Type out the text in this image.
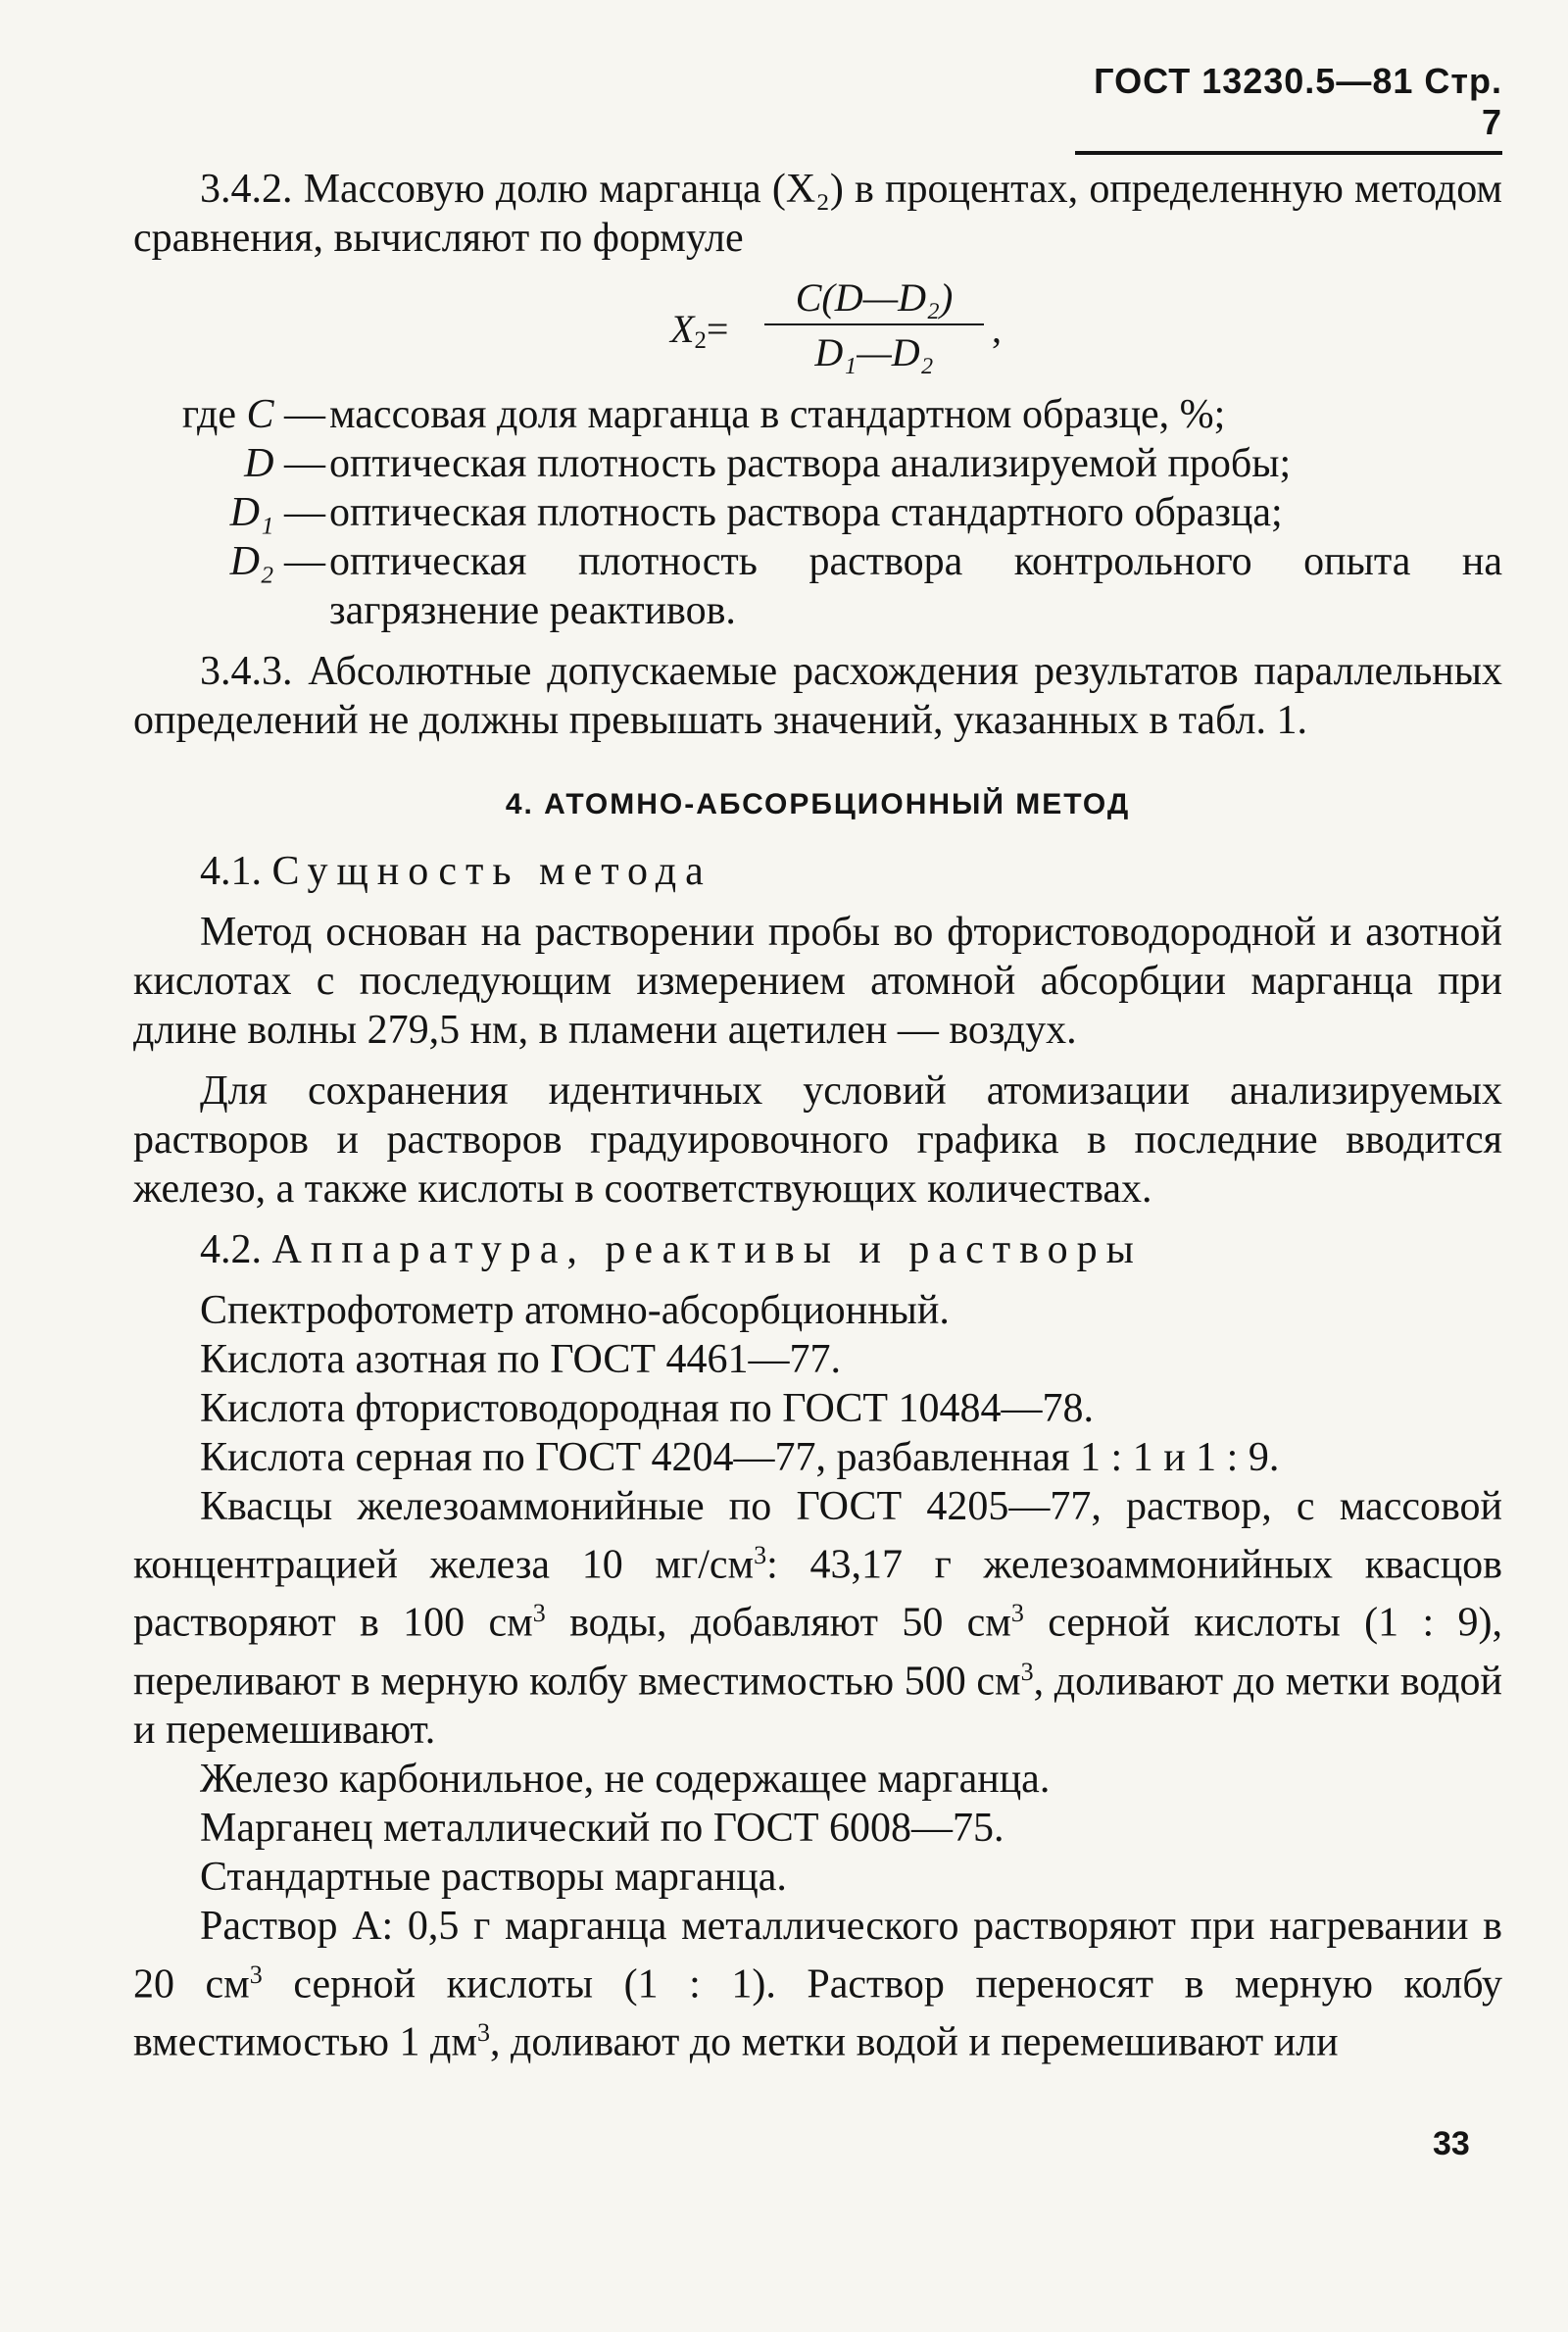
ГОСТ 13230.5—81 Стр. 7

3.4.2. Массовую долю марганца (X₂) в процентах, определенную методом сравнения, вычисляют по формуле

$X_2=$
C(D—D₂)
D₁—D₂
,
где C — массовая доля марганца в стандартном образце, %;
D — оптическая плотность раствора анализируемой пробы;
D₁ — оптическая плотность раствора стандартного образца;
D₂ — оптическая плотность раствора контрольного опыта на загрязнение реактивов.

3.4.3. Абсолютные допускаемые расхождения результатов параллельных определений не должны превышать значений, указанных в табл. 1.

4. АТОМНО-АБСОРБЦИОННЫЙ МЕТОД

4.1. Сущность метода

Метод основан на растворении пробы во фтористоводородной и азотной кислотах с последующим измерением атомной абсорбции марганца при длине волны 279,5 нм, в пламени ацетилен — воздух.

Для сохранения идентичных условий атомизации анализируемых растворов и растворов градуировочного графика в последние вводится железо, а также кислоты в соответствующих количествах.

4.2. Аппаратура, реактивы и растворы

Спектрофотометр атомно-абсорбционный.

Кислота азотная по ГОСТ 4461—77.

Кислота фтористоводородная по ГОСТ 10484—78.

Кислота серная по ГОСТ 4204—77, разбавленная 1 : 1 и 1 : 9.

Квасцы железоаммонийные по ГОСТ 4205—77, раствор, с массовой концентрацией железа 10 $мг/см^3$: 43,17 г железоаммонийных квасцов растворяют в 100 $см^3$ воды, добавляют 50 $см^3$ серной кислоты (1 : 9), переливают в мерную колбу вместимостью 500 $см^3$, доливают до метки водой и перемешивают.

Железо карбонильное, не содержащее марганца.

Марганец металлический по ГОСТ 6008—75.

Стандартные растворы марганца.

Раствор А: 0,5 г марганца металлического растворяют при нагревании в 20 $см^3$ серной кислоты (1 : 1). Раствор переносят в мерную колбу вместимостью 1 $дм^3$, доливают до метки водой и перемешивают или

33
